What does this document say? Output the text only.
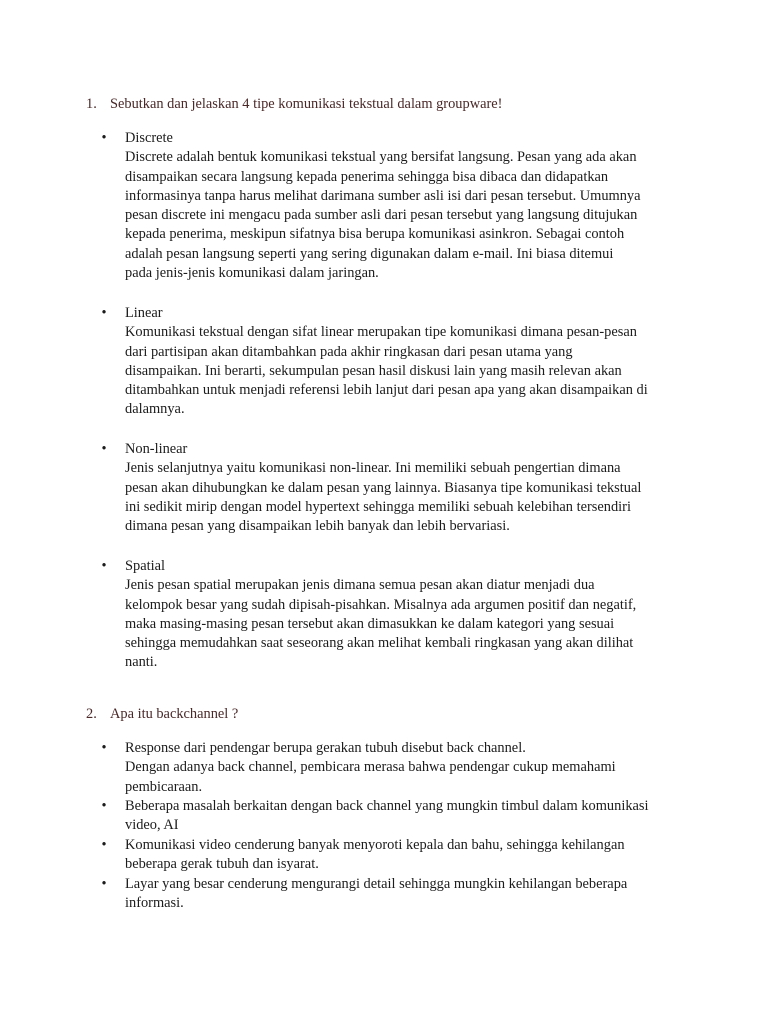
1. Sebutkan dan jelaskan 4 tipe komunikasi tekstual dalam groupware!
• Discrete
Discrete adalah bentuk komunikasi tekstual yang bersifat langsung. Pesan yang ada akan
disampaikan secara langsung kepada penerima sehingga bisa dibaca dan didapatkan
informasinya tanpa harus melihat darimana sumber asli isi dari pesan tersebut. Umumnya
pesan discrete ini mengacu pada sumber asli dari pesan tersebut yang langsung ditujukan
kepada penerima, meskipun sifatnya bisa berupa komunikasi asinkron. Sebagai contoh
adalah pesan langsung seperti yang sering digunakan dalam e-mail. Ini biasa ditemui
pada jenis-jenis komunikasi dalam jaringan.
• Linear
Komunikasi tekstual dengan sifat linear merupakan tipe komunikasi dimana pesan-pesan
dari partisipan akan ditambahkan pada akhir ringkasan dari pesan utama yang
disampaikan. Ini berarti, sekumpulan pesan hasil diskusi lain yang masih relevan akan
ditambahkan untuk menjadi referensi lebih lanjut dari pesan apa yang akan disampaikan di
dalamnya.
• Non-linear
Jenis selanjutnya yaitu komunikasi non-linear. Ini memiliki sebuah pengertian dimana
pesan akan dihubungkan ke dalam pesan yang lainnya. Biasanya tipe komunikasi tekstual
ini sedikit mirip dengan model hypertext sehingga memiliki sebuah kelebihan tersendiri
dimana pesan yang disampaikan lebih banyak dan lebih bervariasi.
• Spatial
Jenis pesan spatial merupakan jenis dimana semua pesan akan diatur menjadi dua
kelompok besar yang sudah dipisah-pisahkan. Misalnya ada argumen positif dan negatif,
maka masing-masing pesan tersebut akan dimasukkan ke dalam kategori yang sesuai
sehingga memudahkan saat seseorang akan melihat kembali ringkasan yang akan dilihat
nanti.
2. Apa itu backchannel ?
• Response dari pendengar berupa gerakan tubuh disebut back channel.
Dengan adanya back channel, pembicara merasa bahwa pendengar cukup memahami
pembicaraan.
• Beberapa masalah berkaitan dengan back channel yang mungkin timbul dalam komunikasi
video, AI
• Komunikasi video cenderung banyak menyoroti kepala dan bahu, sehingga kehilangan
beberapa gerak tubuh dan isyarat.
• Layar yang besar cenderung mengurangi detail sehingga mungkin kehilangan beberapa
informasi.
